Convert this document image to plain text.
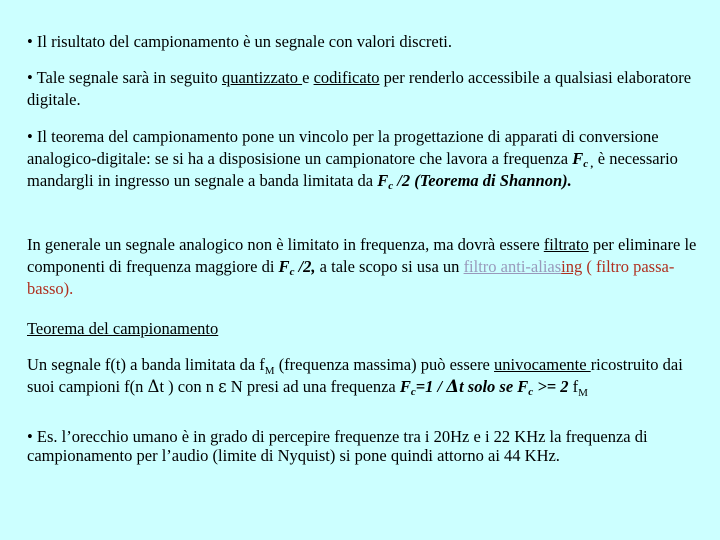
• Il risultato del campionamento è un segnale con valori discreti.
• Tale segnale sarà in seguito quantizzato e codificato per renderlo accessibile a qualsiasi elaboratore digitale.
• Il teorema del campionamento pone un vincolo per la progettazione di apparati di conversione analogico-digitale: se si ha a disposisione un campionatore che lavora a frequenza $F_{c ,}$ è necessario mandargli in ingresso un segnale a banda limitata da $F_c$ /2 (Teorema di Shannon).
In generale un segnale analogico non è limitato in frequenza, ma dovrà essere filtrato per eliminare le componenti di frequenza maggiore di $F_c$ /2, a tale scopo si usa un filtro anti-aliasing ( filtro passa-basso).
Teorema del campionamento
Un segnale f(t) a banda limitata da $f_M$ (frequenza massima) può essere univocamente ricostruito dai suoi campioni f(n Δt ) con n ε N presi ad una frequenza $F_c=1 / \Delta t$ solo se $F_c >= 2$ $f_M$
• Es. l’orecchio umano è in grado di percepire frequenze tra i 20Hz e i 22 KHz la frequenza di campionamento per l’audio (limite di Nyquist) si pone quindi attorno ai 44 KHz.
